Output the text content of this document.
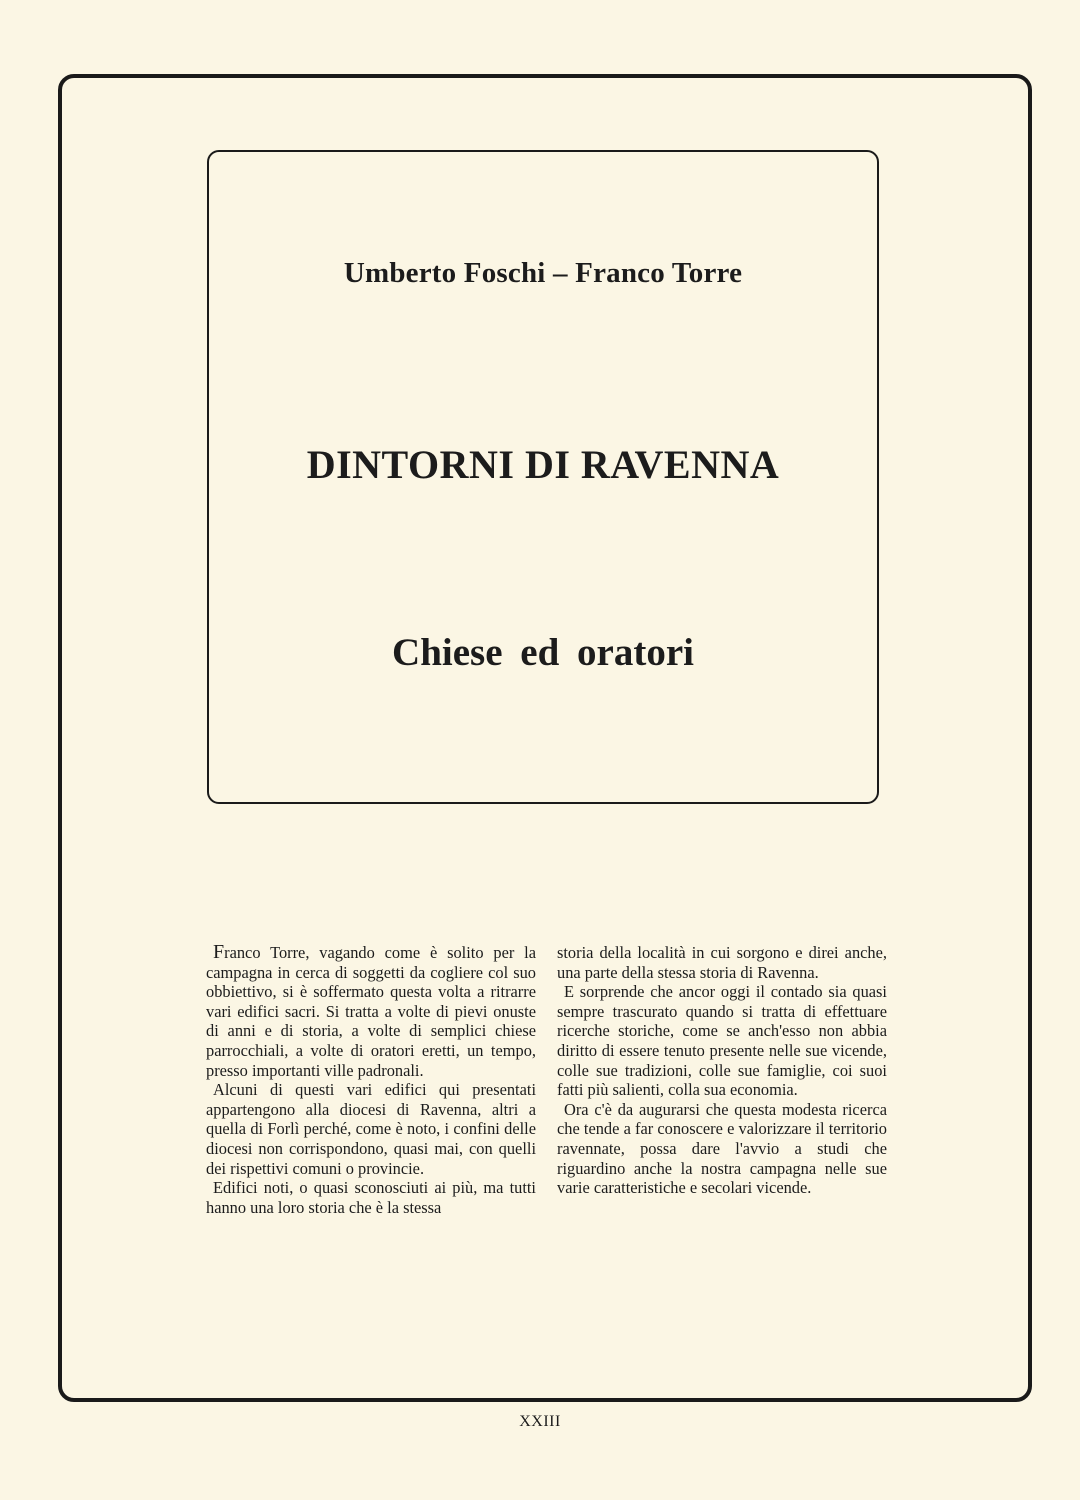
Umberto Foschi – Franco Torre
DINTORNI DI RAVENNA
Chiese ed oratori

Franco Torre, vagando come è solito per la campagna in cerca di soggetti da cogliere col suo obbiettivo, si è soffermato questa volta a ritrarre vari edifici sacri. Si tratta a volte di pievi onuste di anni e di storia, a volte di semplici chiese parrocchiali, a volte di oratori eretti, un tempo, presso importanti ville padronali.

Alcuni di questi vari edifici qui presentati appartengono alla diocesi di Ravenna, altri a quella di Forlì perché, come è noto, i confini delle diocesi non corrispondono, quasi mai, con quelli dei rispettivi comuni o provincie.

Edifici noti, o quasi sconosciuti ai più, ma tutti hanno una loro storia che è la stessa

storia della località in cui sorgono e direi anche, una parte della stessa storia di Ravenna.

E sorprende che ancor oggi il contado sia quasi sempre trascurato quando si tratta di effettuare ricerche storiche, come se anch'esso non abbia diritto di essere tenuto presente nelle sue vicende, colle sue tradizioni, colle sue famiglie, coi suoi fatti più salienti, colla sua economia.

Ora c'è da augurarsi che questa modesta ricerca che tende a far conoscere e valorizzare il territorio ravennate, possa dare l'avvio a studi che riguardino anche la nostra campagna nelle sue varie caratteristiche e secolari vicende.

XXIII
